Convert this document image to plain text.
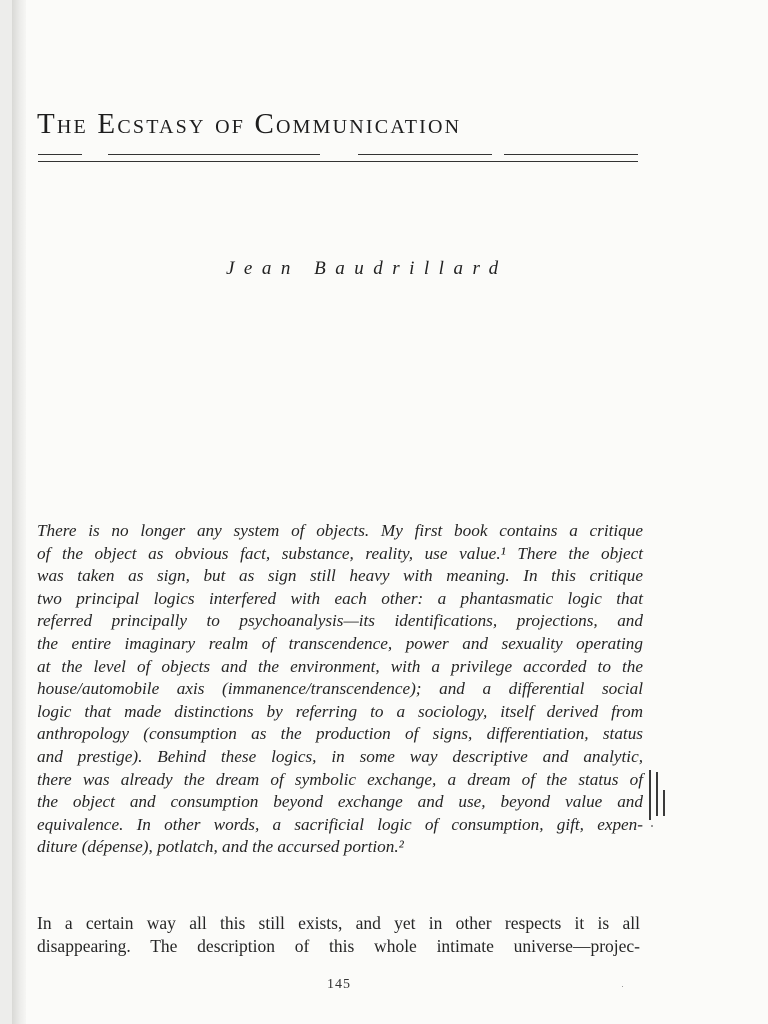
The Ecstasy of Communication
Jean Baudrillard
There is no longer any system of objects. My first book contains a critique
of the object as obvious fact, substance, reality, use value.¹ There the object
was taken as sign, but as sign still heavy with meaning. In this critique
two principal logics interfered with each other: a phantasmatic logic that
referred principally to psychoanalysis—its identifications, projections, and
the entire imaginary realm of transcendence, power and sexuality operating
at the level of objects and the environment, with a privilege accorded to the
house/automobile axis (immanence/transcendence); and a differential social
logic that made distinctions by referring to a sociology, itself derived from
anthropology (consumption as the production of signs, differentiation, status
and prestige). Behind these logics, in some way descriptive and analytic,
there was already the dream of symbolic exchange, a dream of the status of
the object and consumption beyond exchange and use, beyond value and
equivalence. In other words, a sacrificial logic of consumption, gift, expen-
diture (dépense), potlatch, and the accursed portion.²
In a certain way all this still exists, and yet in other respects it is all
disappearing. The description of this whole intimate universe—projec-
145
